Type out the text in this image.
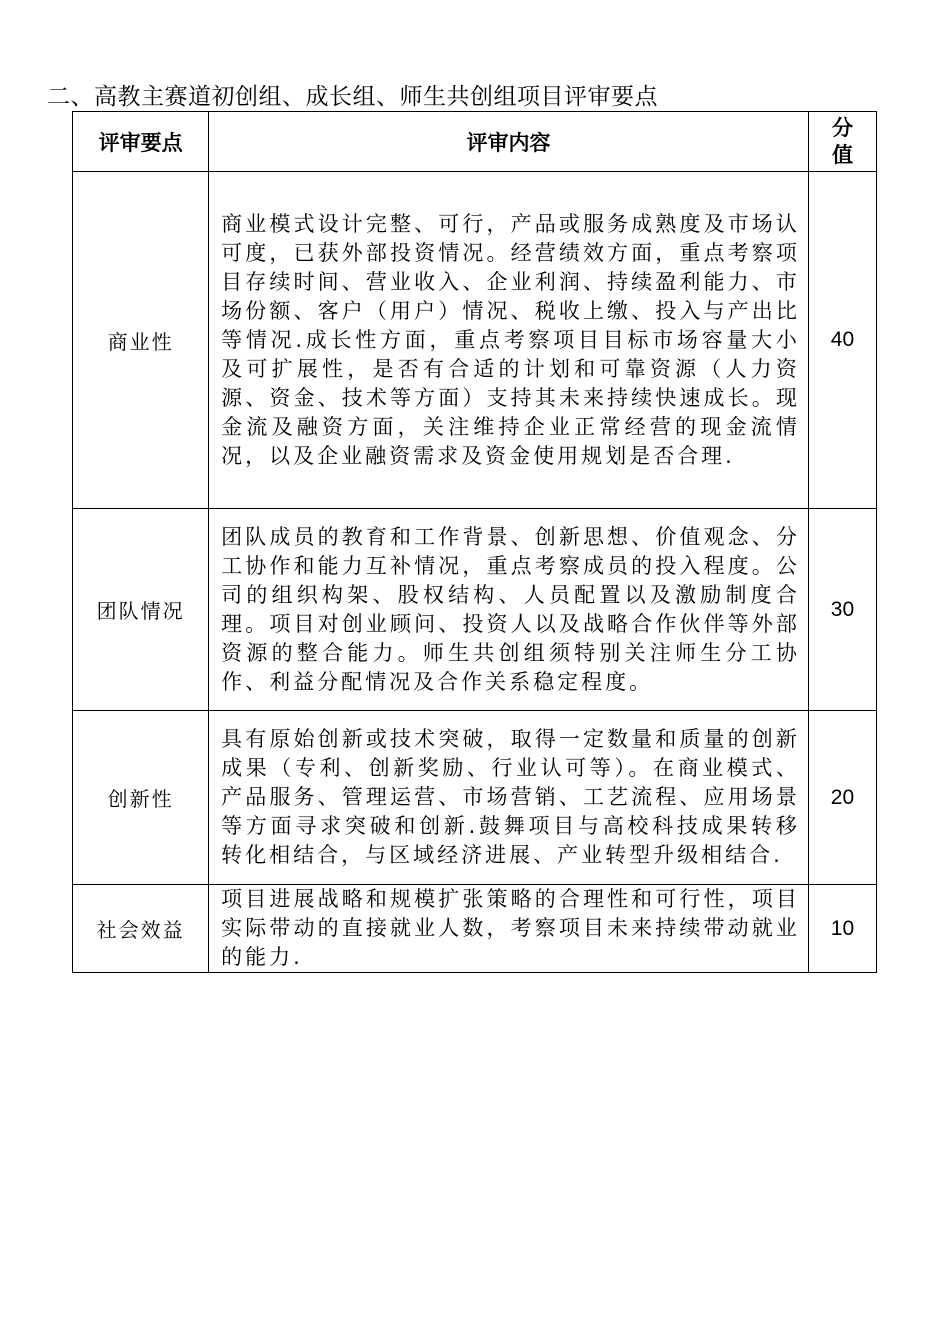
二、高教主赛道初创组、成长组、师生共创组项目评审要点
评审要点	评审内容	分
值

商业性	商业模式设计完整、可行，产品或服务成熟度及市场认可度，已获外部投资情况。经营绩效方面，重点考察项目存续时间、营业收入、企业利润、持续盈利能力、市场份额、客户（用户）情况、税收上缴、投入与产出比等情况.成长性方面，重点考察项目目标市场容量大小及可扩展性，是否有合适的计划和可靠资源（人力资源、资金、技术等方面）支持其未来持续快速成长。现金流及融资方面，关注维持企业正常经营的现金流情况，以及企业融资需求及资金使用规划是否合理.	40
团队情况	团队成员的教育和工作背景、创新思想、价值观念、分工协作和能力互补情况，重点考察成员的投入程度。公司的组织构架、股权结构、人员配置以及激励制度合理。项目对创业顾问、投资人以及战略合作伙伴等外部资源的整合能力。师生共创组须特别关注师生分工协作、利益分配情况及合作关系稳定程度。	30
创新性	具有原始创新或技术突破，取得一定数量和质量的创新成果（专利、创新奖励、行业认可等）。在商业模式、产品服务、管理运营、市场营销、工艺流程、应用场景等方面寻求突破和创新.鼓舞项目与高校科技成果转移转化相结合，与区域经济进展、产业转型升级相结合.	20
社会效益	项目进展战略和规模扩张策略的合理性和可行性，项目实际带动的直接就业人数，考察项目未来持续带动就业的能力.	10
